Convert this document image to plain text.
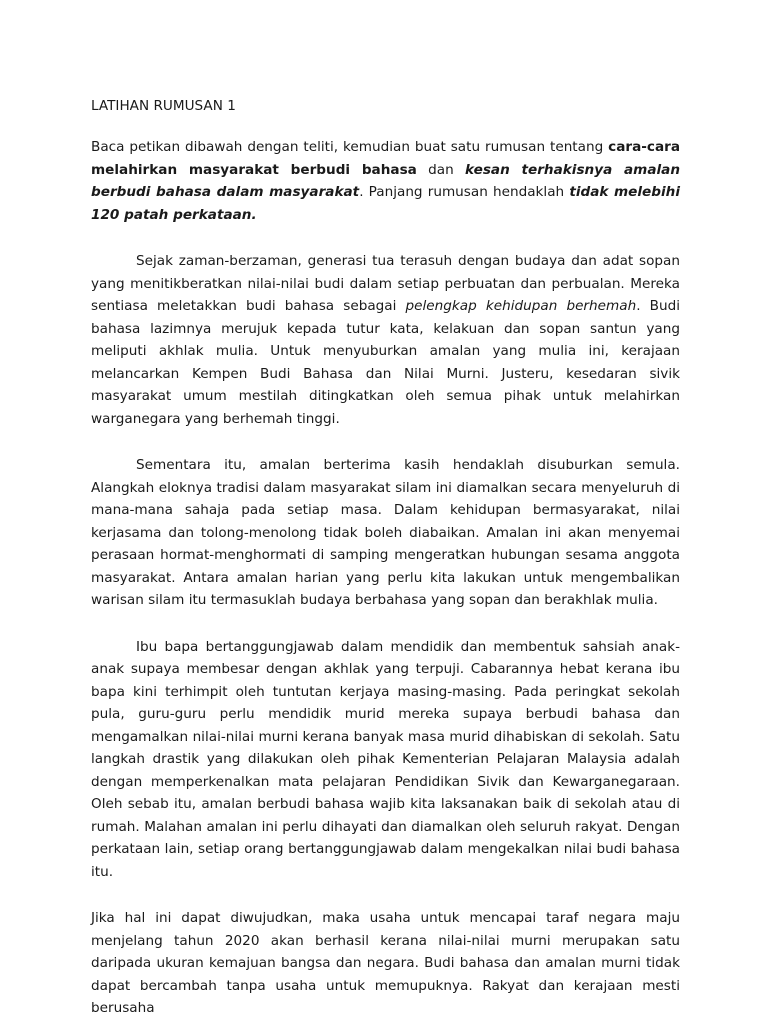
LATIHAN RUMUSAN 1

Baca petikan dibawah dengan teliti, kemudian buat satu rumusan tentang cara-cara melahirkan masyarakat berbudi bahasa dan kesan terhakisnya amalan berbudi bahasa dalam masyarakat. Panjang rumusan hendaklah tidak melebihi 120 patah perkataan.

Sejak zaman-berzaman, generasi tua terasuh dengan budaya dan adat sopan yang menitikberatkan nilai-nilai budi dalam setiap perbuatan dan perbualan. Mereka sentiasa meletakkan budi bahasa sebagai pelengkap kehidupan berhemah. Budi bahasa lazimnya merujuk kepada tutur kata, kelakuan dan sopan santun yang meliputi akhlak mulia. Untuk menyuburkan amalan yang mulia ini, kerajaan melancarkan Kempen Budi Bahasa dan Nilai Murni. Justeru, kesedaran sivik masyarakat umum mestilah ditingkatkan oleh semua pihak untuk melahirkan warganegara yang berhemah tinggi.

Sementara itu, amalan berterima kasih hendaklah disuburkan semula. Alangkah eloknya tradisi dalam masyarakat silam ini diamalkan secara menyeluruh di mana-mana sahaja pada setiap masa. Dalam kehidupan bermasyarakat, nilai kerjasama dan tolong-menolong tidak boleh diabaikan. Amalan ini akan menyemai perasaan hormat-menghormati di samping mengeratkan hubungan sesama anggota masyarakat. Antara amalan harian yang perlu kita lakukan untuk mengembalikan warisan silam itu termasuklah budaya berbahasa yang sopan dan berakhlak mulia.

Ibu bapa bertanggungjawab dalam mendidik dan membentuk sahsiah anak-anak supaya membesar dengan akhlak yang terpuji. Cabarannya hebat kerana ibu bapa kini terhimpit oleh tuntutan kerjaya masing-masing. Pada peringkat sekolah pula, guru-guru perlu mendidik murid mereka supaya berbudi bahasa dan mengamalkan nilai-nilai murni kerana banyak masa murid dihabiskan di sekolah. Satu langkah drastik yang dilakukan oleh pihak Kementerian Pelajaran Malaysia adalah dengan memperkenalkan mata pelajaran Pendidikan Sivik dan Kewarganegaraan. Oleh sebab itu, amalan berbudi bahasa wajib kita laksanakan baik di sekolah atau di rumah. Malahan amalan ini perlu dihayati dan diamalkan oleh seluruh rakyat. Dengan perkataan lain, setiap orang bertanggungjawab dalam mengekalkan nilai budi bahasa itu.

Jika hal ini dapat diwujudkan, maka usaha untuk mencapai taraf negara maju menjelang tahun 2020 akan berhasil kerana nilai-nilai murni merupakan satu daripada ukuran kemajuan bangsa dan negara. Budi bahasa dan amalan murni tidak dapat bercambah tanpa usaha untuk memupuknya. Rakyat dan kerajaan mesti berusaha
